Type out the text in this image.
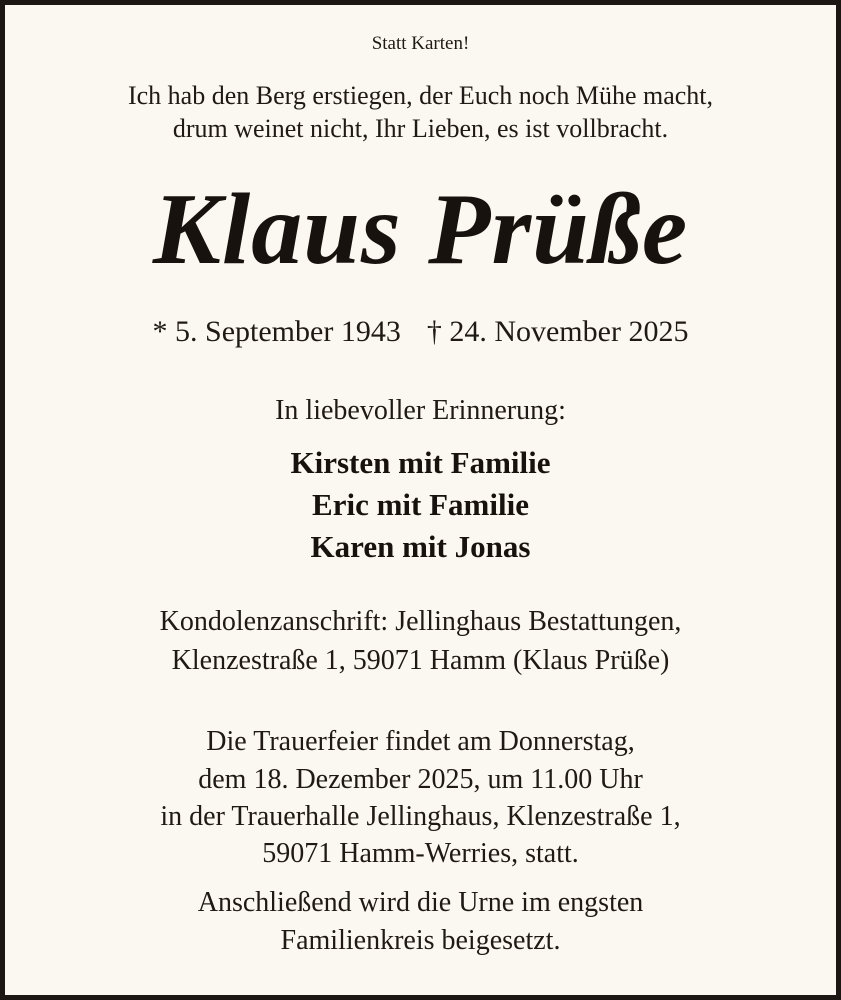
Statt Karten!
Ich hab den Berg erstiegen, der Euch noch Mühe macht,
drum weinet nicht, Ihr Lieben, es ist vollbracht.
Klaus Prüße
* 5. September 1943 † 24. November 2025
In liebevoller Erinnerung:
Kirsten mit Familie
Eric mit Familie
Karen mit Jonas
Kondolenzanschrift: Jellinghaus Bestattungen,
Klenzestraße 1, 59071 Hamm (Klaus Prüße)
Die Trauerfeier findet am Donnerstag,
dem 18. Dezember 2025, um 11.00 Uhr
in der Trauerhalle Jellinghaus, Klenzestraße 1,
59071 Hamm-Werries, statt.
Anschließend wird die Urne im engsten
Familienkreis beigesetzt.
